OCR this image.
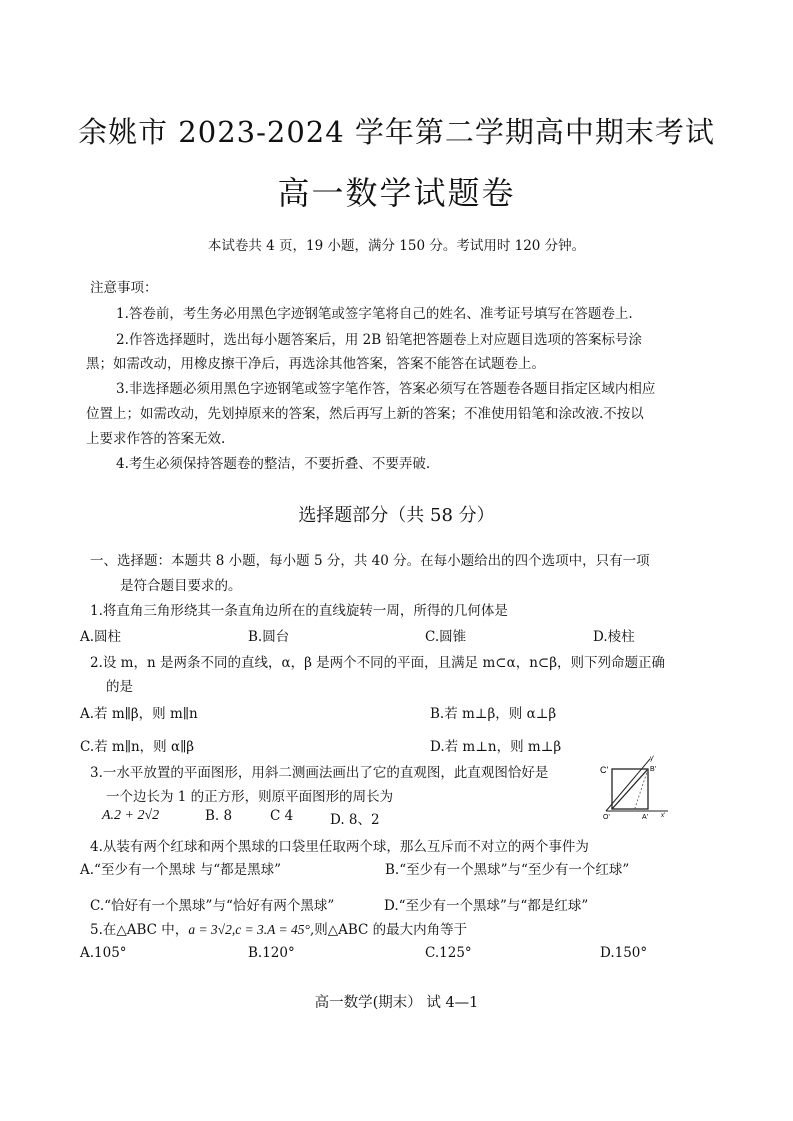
余姚市 2023-2024 学年第二学期高中期末考试
高一数学试题卷
本试卷共 4 页，19 小题，满分 150 分。考试用时 120 分钟。
注意事项：
1.答卷前，考生务必用黑色字迹钢笔或签字笔将自己的姓名、准考证号填写在答题卷上.
2.作答选择题时，选出每小题答案后，用 2B 铅笔把答题卷上对应题目选项的答案标号涂
黑；如需改动，用橡皮擦干净后，再选涂其他答案，答案不能答在试题卷上。
3.非选择题必须用黑色字迹钢笔或签字笔作答，答案必须写在答题卷各题目指定区域内相应
位置上；如需改动，先划掉原来的答案，然后再写上新的答案；不准使用铅笔和涂改液.不按以
上要求作答的答案无效.
4.考生必须保持答题卷的整洁，不要折叠、不要弄破.
选择题部分（共 58 分）
一、选择题：本题共 8 小题，每小题 5 分，共 40 分。在每小题给出的四个选项中，只有一项
是符合题目要求的。
1.将直角三角形绕其一条直角边所在的直线旋转一周，所得的几何体是
A.圆柱	B.圆台	C.圆锥	D.棱柱
2.设 m，n 是两条不同的直线，α，β 是两个不同的平面，且满足 m⊂α，n⊂β，则下列命题正确
的是
A.若 m∥β，则 m∥n	B.若 m⊥β，则 α⊥β
C.若 m∥n，则 α∥β	D.若 m⊥n，则 m⊥β
3.一水平放置的平面图形，用斜二测画法画出了它的直观图，此直观图恰好是
一个边长为 1 的正方形，则原平面图形的周长为
A.2 + 2√2	B. 8	C 4	D. 8、2
C'	B'
O'	A'
y'
x'
4.从装有两个红球和两个黑球的口袋里任取两个球，那么互斥而不对立的两个事件为
A.“至少有一个黑球 与“都是黑球”	B.“至少有一个黑球”与“至少有一个红球”
C.“恰好有一个黑球”与“恰好有两个黑球”	D.“至少有一个黑球”与“都是红球”
5.在△ABC 中，a = 3√2,c = 3.A = 45°,则△ABC 的最大内角等于
A.105°	B.120°	C.125°	D.150°
高一数学(期末） 试 4—1
